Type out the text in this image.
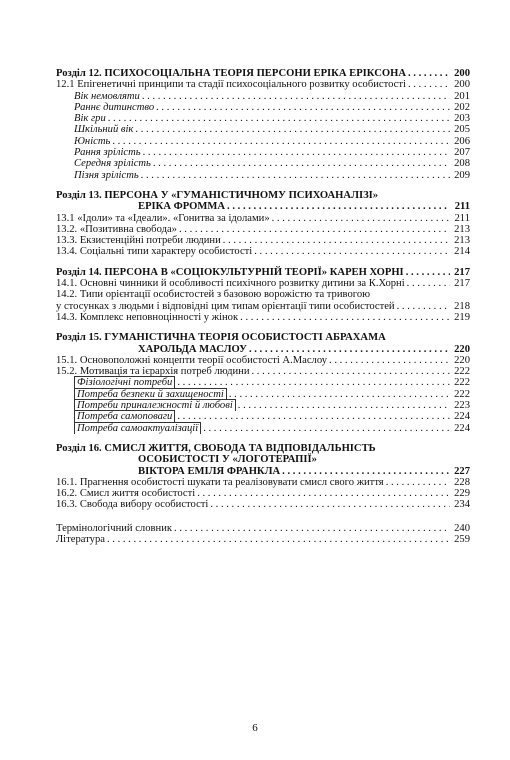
Розділ 12. ПСИХОСОЦІАЛЬНА ТЕОРІЯ ПЕРСОНИ ЕРІКА ЕРІКСОНА . . .	200
12.1 Епігенетичні принципи та стадії психосоціального розвитку особистості . . .	200
Вік немовляти . . .	201
Раннє дитинство . . .	202
Вік гри . . .	203
Шкільний вік . . .	205
Юність . . .	206
Рання зрілість . . .	207
Середня зрілість . . .	208
Пізня зрілість . . .	209
Розділ 13. ПЕРСОНА У «ГУМАНІСТИЧНОМУ ПСИХОАНАЛІЗІ»
ЕРІКА ФРОММА . . .	211
13.1 «Ідоли» та «Ідеали». «Гонитва за ідолами» . . .	211
13.2. «Позитивна свобода» . . .	213
13.3. Екзистенційні потреби людини . . .	213
13.4. Соціальні типи характеру особистості . . .	214
Розділ 14. ПЕРСОНА В «СОЦІОКУЛЬТУРНІЙ ТЕОРІЇ» КАРЕН ХОРНІ . . .	217
14.1. Основні чинники й особливості психічного розвитку дитини за К.Хорні . . .	217
14.2. Типи орієнтації особистостей з базовою ворожістю та тривогою
у стосунках з людьми і відповідні цим типам орієнтації типи особистостей . . .	218
14.3. Комплекс неповноцінності у жінок . . .	219
Розділ 15. ГУМАНІСТИЧНА ТЕОРІЯ ОСОБИСТОСТІ АБРАХАМА
ХАРОЛЬДА МАСЛОУ . . .	220
15.1. Основоположні концепти теорії особистості А.Маслоу . . .	220
15.2. Мотивація та ієрархія потреб людини . . .	222
Фізіологічні потреби . . .	222
Потреба безпеки й захищеності . . .	222
Потреби приналежності й любові . . .	223
Потреба самоповаги . . .	224
Потреба самоактуалізації . . .	224
Розділ 16. СМИСЛ ЖИТТЯ, СВОБОДА ТА ВІДПОВІДАЛЬНІСТЬ
ОСОБИСТОСТІ У «ЛОГОТЕРАПІЇ»
ВІКТОРА ЕМІЛЯ ФРАНКЛА . . .	227
16.1. Прагнення особистості шукати та реалізовувати смисл свого життя . . .	228
16.2. Смисл життя особистості . . .	229
16.3. Свобода вибору особистості . . .	234
Термінологічний словник . . .	240
Література . . .	259
6
